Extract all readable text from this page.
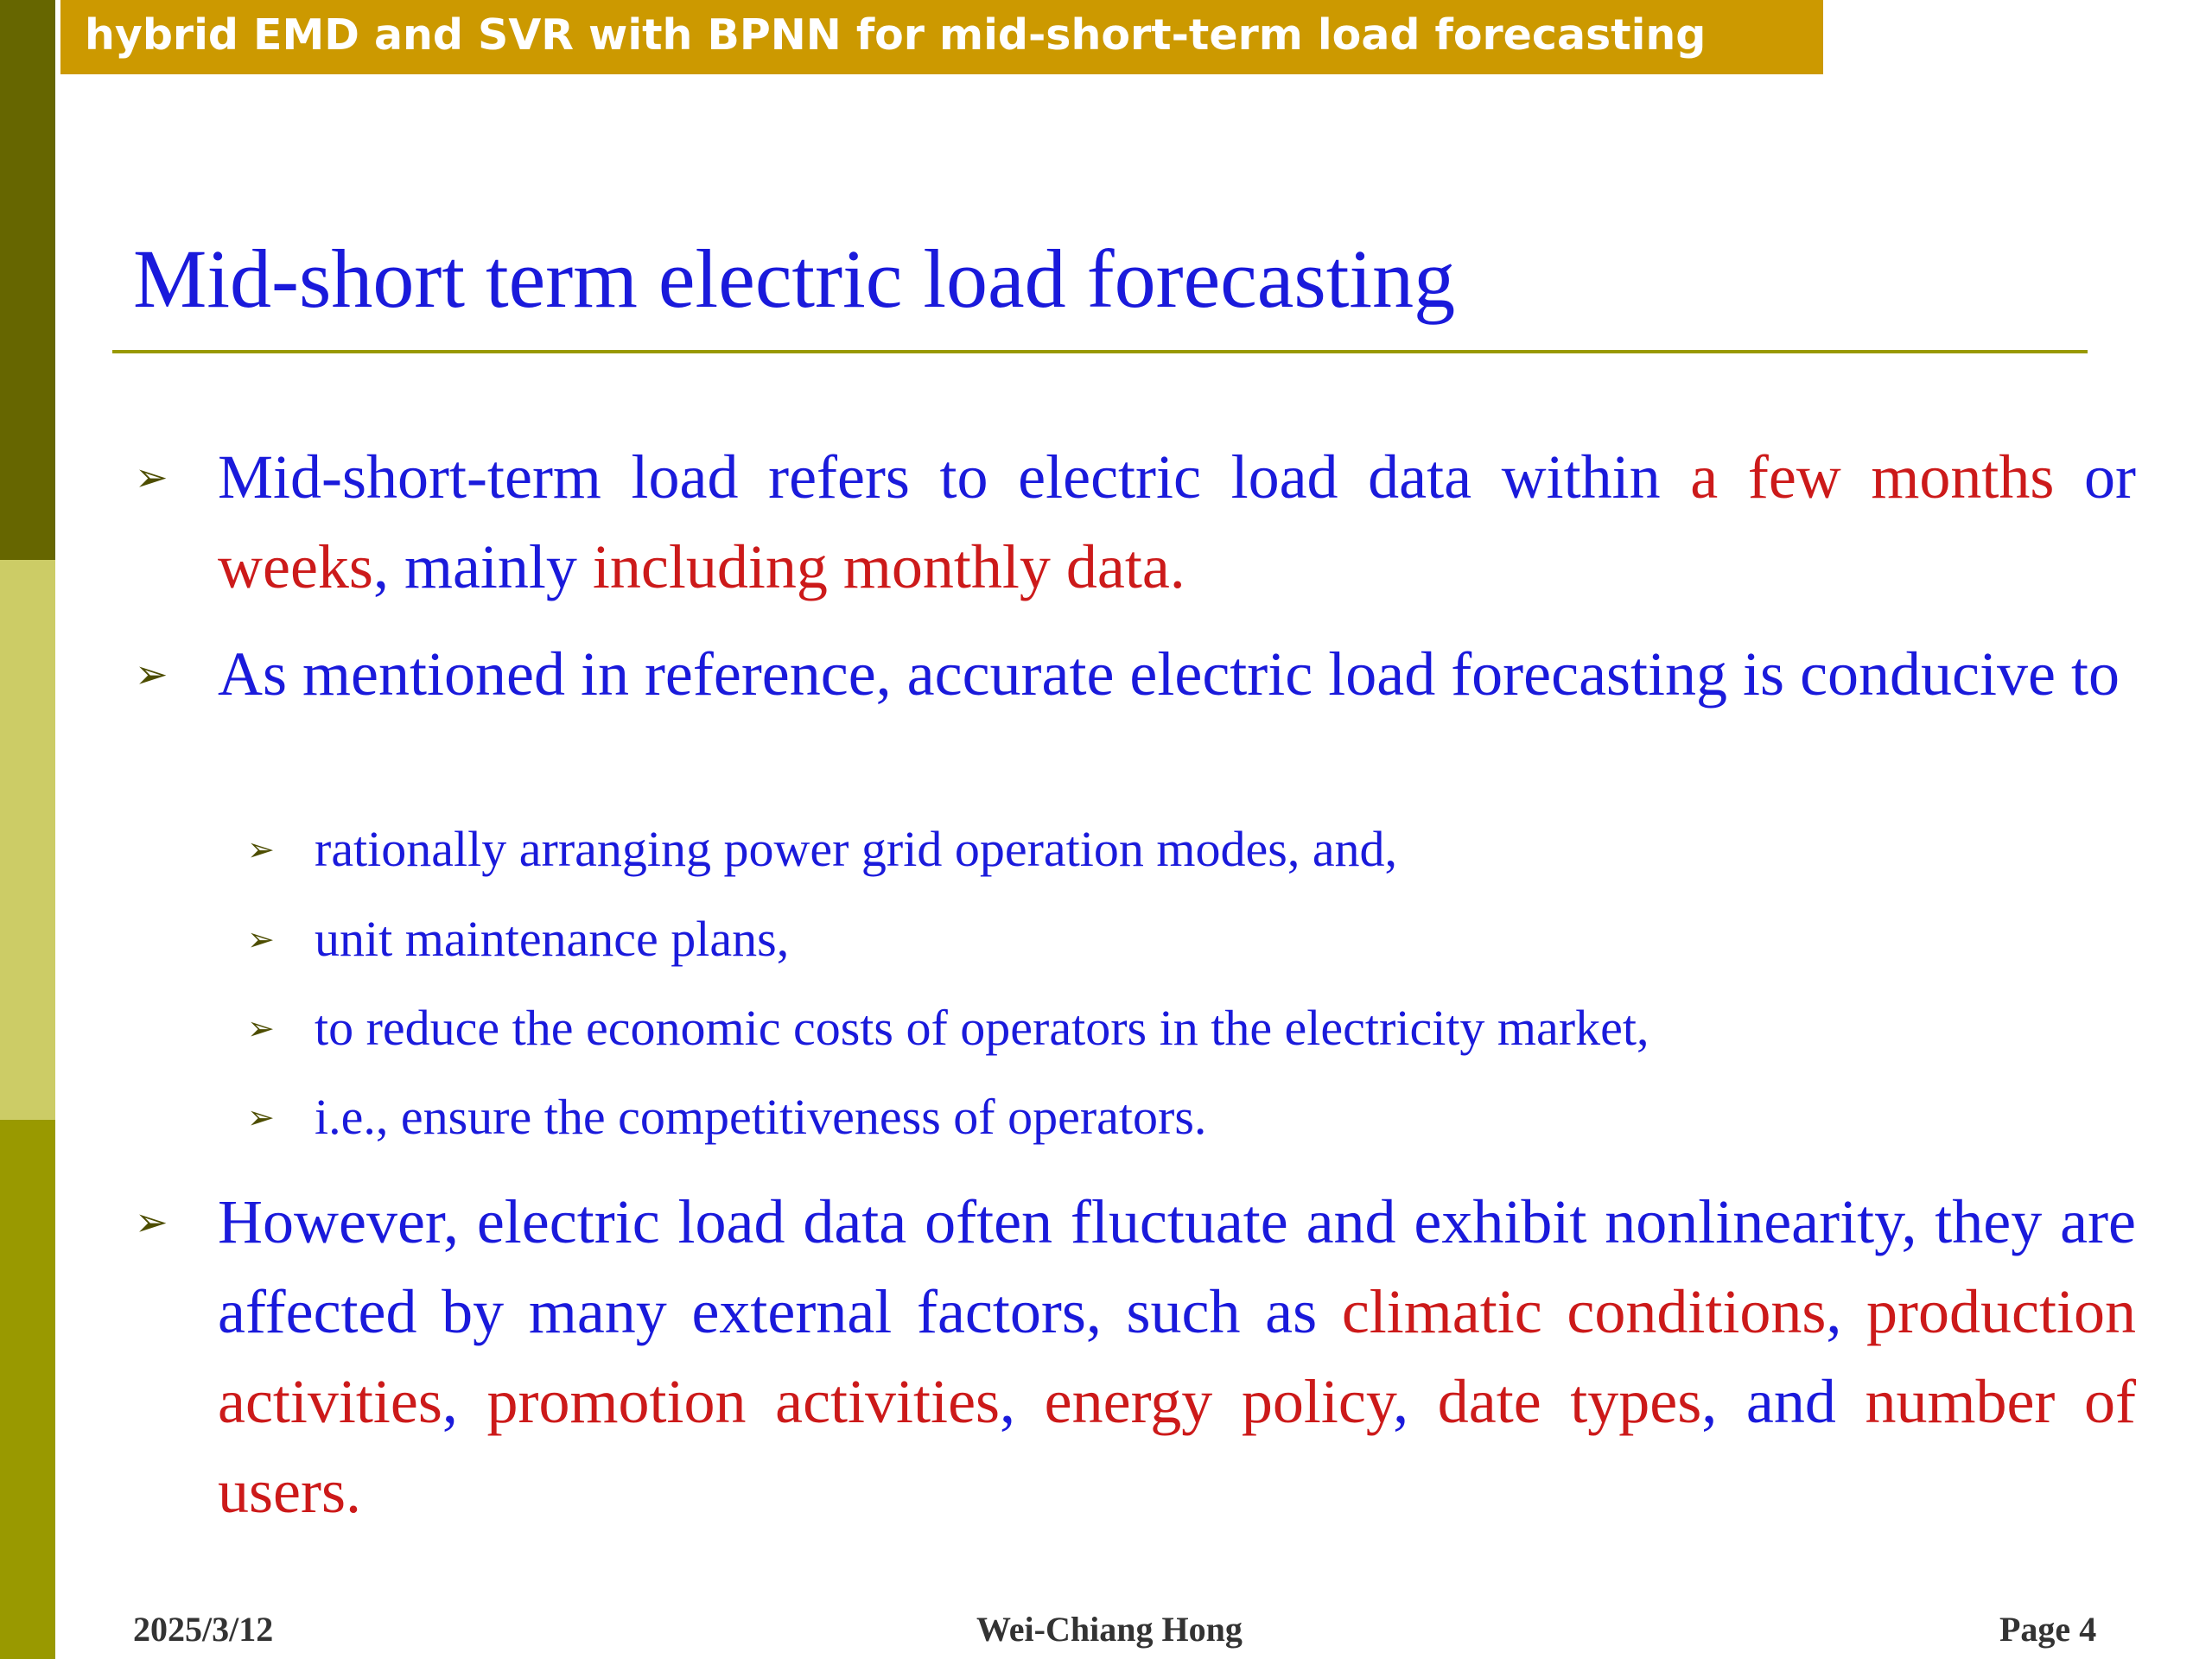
hybrid EMD and SVR with BPNN for mid-short-term load forecasting
Mid-short term electric load forecasting
➢ Mid-short-term load refers to electric load data within a few months or weeks, mainly including monthly data.
➢ As mentioned in reference, accurate electric load forecasting is conducive to
➢ rationally arranging power grid operation modes, and,
➢ unit maintenance plans,
➢ to reduce the economic costs of operators in the electricity market,
➢ i.e., ensure the competitiveness of operators.
➢ However, electric load data often fluctuate and exhibit nonlinearity, they are affected by many external factors, such as climatic conditions, production activities, promotion activities, energy policy, date types, and number of users.
2025/3/12	Wei-Chiang Hong	Page 4
